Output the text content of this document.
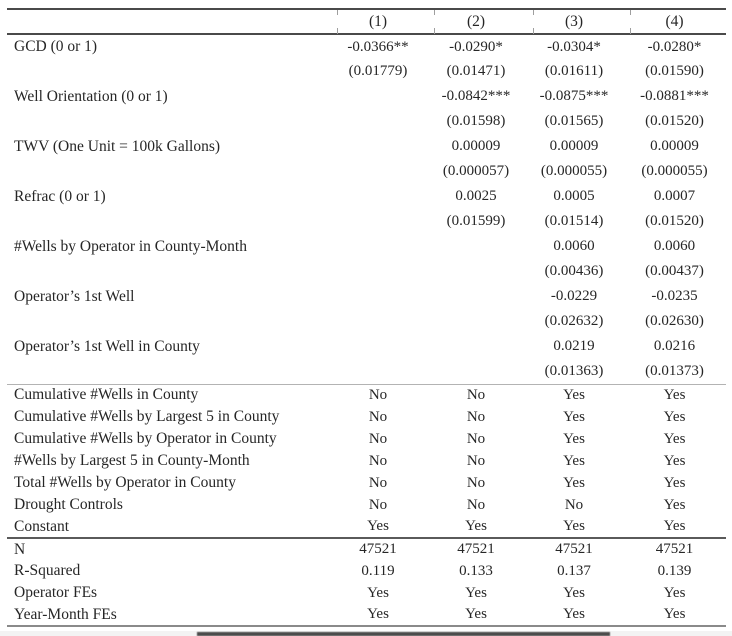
	(1)	(2)	(3)	(4)
GCD (0 or 1)	-0.0366**	-0.0290*	-0.0304*	-0.0280*
	(0.01779)	(0.01471)	(0.01611)	(0.01590)
Well Orientation (0 or 1)		-0.0842***	-0.0875***	-0.0881***
		(0.01598)	(0.01565)	(0.01520)
TWV (One Unit = 100k Gallons)		0.00009	0.00009	0.00009
		(0.000057)	(0.000055)	(0.000055)
Refrac (0 or 1)		0.0025	0.0005	0.0007
		(0.01599)	(0.01514)	(0.01520)
#Wells by Operator in County-Month			0.0060	0.0060
			(0.00436)	(0.00437)
Operator’s 1st Well			-0.0229	-0.0235
			(0.02632)	(0.02630)
Operator’s 1st Well in County			0.0219	0.0216
			(0.01363)	(0.01373)
Cumulative #Wells in County	No	No	Yes	Yes
Cumulative #Wells by Largest 5 in County	No	No	Yes	Yes
Cumulative #Wells by Operator in County	No	No	Yes	Yes
#Wells by Largest 5 in County-Month	No	No	Yes	Yes
Total #Wells by Operator in County	No	No	Yes	Yes
Drought Controls	No	No	No	Yes
Constant	Yes	Yes	Yes	Yes
N	47521	47521	47521	47521
R-Squared	0.119	0.133	0.137	0.139
Operator FEs	Yes	Yes	Yes	Yes
Year-Month FEs	Yes	Yes	Yes	Yes
